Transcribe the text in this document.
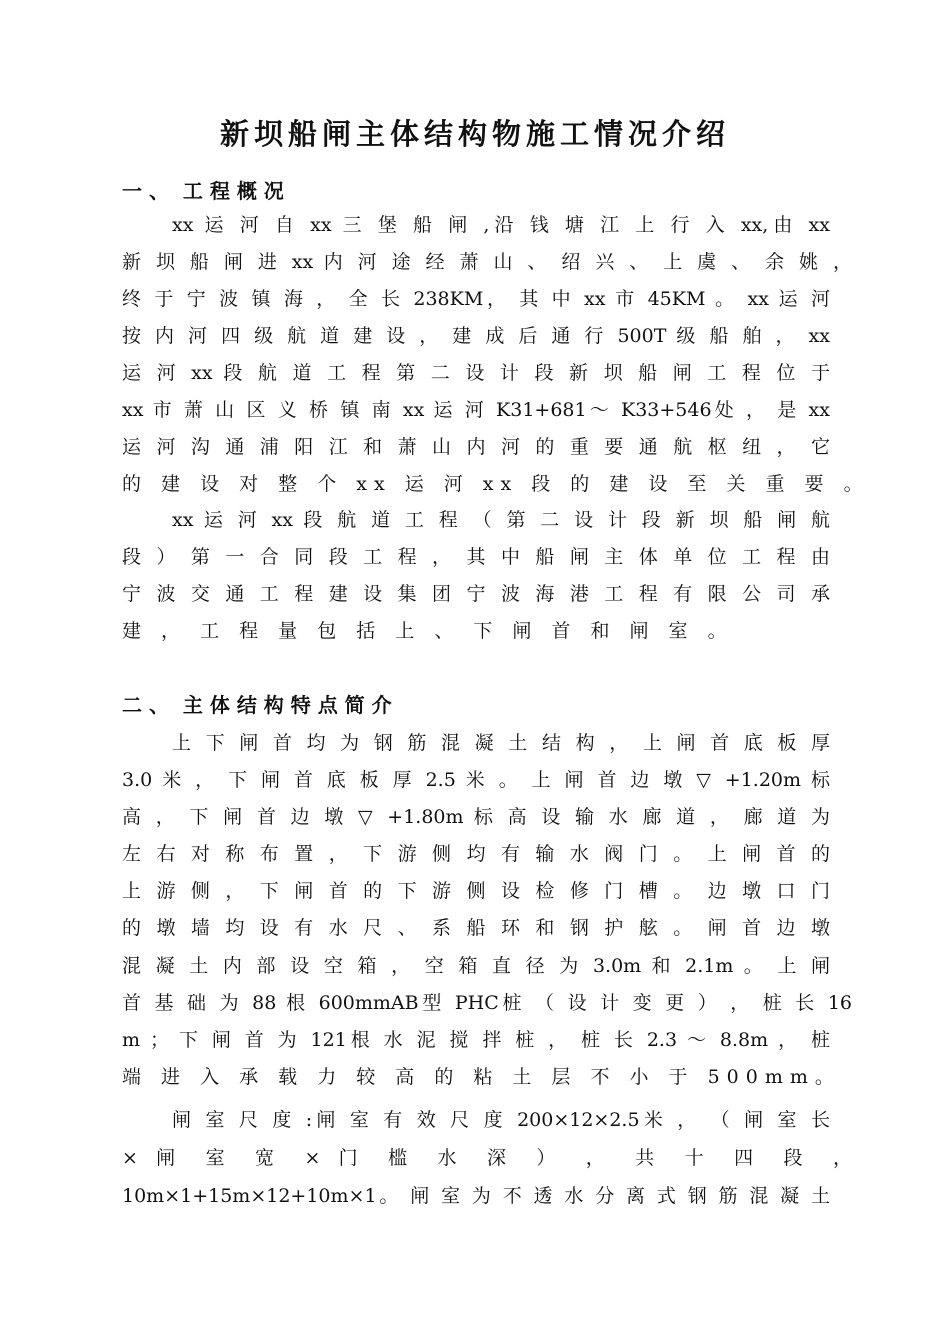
新坝船闸主体结构物施工情况介绍
一 、  工 程 概 况
xx 运 河 自 xx 三 堡 船 闸 ,沿 钱 塘 江 上 行 入 xx,由 xx
新 坝 船 闸 进 xx 内 河 途 经 萧 山 、 绍 兴 、 上 虞 、 余 姚 ，
终 于 宁 波 镇 海 ， 全 长 238KM， 其 中 xx 市 45KM 。 xx 运 河
按 内 河 四 级 航 道 建 设 ， 建 成 后 通 行 500T 级 船 舶 ， xx
运 河 xx 段 航 道 工 程 第 二 设 计 段 新 坝 船 闸 工 程 位 于
xx 市 萧 山 区 义 桥 镇 南 xx 运 河 K31+681～ K33+546处 ， 是 xx
运 河 沟 通 浦 阳 江 和 萧 山 内 河 的 重 要 通 航 枢 纽 ， 它
的 建 设 对 整 个 xx 运 河 xx 段 的 建 设 至 关 重 要 。
xx 运 河 xx 段 航 道 工 程 （ 第 二 设 计 段 新 坝 船 闸 航
段 ） 第 一 合 同 段 工 程 ， 其 中 船 闸 主 体 单 位 工 程 由
宁 波 交 通 工 程 建 设 集 团 宁 波 海 港 工 程 有 限 公 司 承
建 ， 工 程 量 包 括 上 、 下 闸 首 和 闸 室 。
二 、  主 体 结 构 特 点 简 介
上 下 闸 首 均 为 钢 筋 混 凝 土 结 构 ， 上 闸 首 底 板 厚
3.0 米 ， 下 闸 首 底 板 厚 2.5 米 。 上 闸 首 边 墩 ▽ +1.20m 标
高 ， 下 闸 首 边 墩 ▽ +1.80m 标 高 设 输 水 廊 道 ， 廊 道 为
左 右 对 称 布 置 ， 下 游 侧 均 有 输 水 阀 门 。 上 闸 首 的
上 游 侧 ， 下 闸 首 的 下 游 侧 设 检 修 门 槽 。 边 墩 口 门
的 墩 墙 均 设 有 水 尺 、 系 船 环 和 钢 护 舷 。 闸 首 边 墩
混 凝 土 内 部 设 空 箱 ， 空 箱 直 径 为 3.0m 和 2.1m 。 上 闸
首 基 础 为 88 根 600mmAB型 PHC桩 （ 设 计 变 更 ） ， 桩 长 16
m ； 下 闸 首 为 121根 水 泥 搅 拌 桩 ， 桩 长 2.3 ～ 8.8m ， 桩
端 进 入 承 载 力 较 高 的 粘 土 层 不 小 于 500mm。
闸 室 尺 度 :闸 室 有 效 尺 度 200×12×2.5米 ， （ 闸 室 长
× 闸 室 宽 × 门 槛 水 深 ） ， 共 十 四 段 ，
10m×1+15m×12+10m×1。 闸 室 为 不 透 水 分 离 式 钢 筋 混 凝 土
